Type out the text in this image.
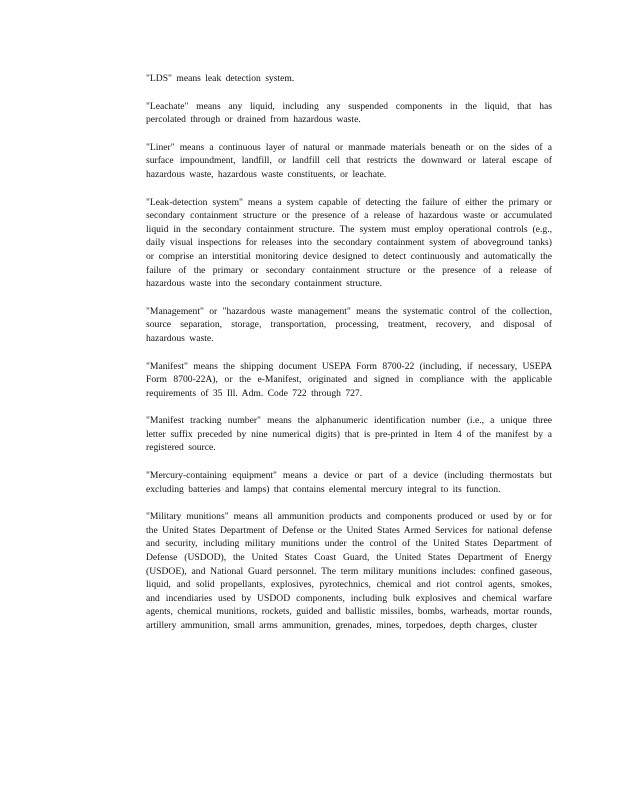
"LDS" means leak detection system.

"Leachate" means any liquid, including any suspended components in the liquid, that has percolated through or drained from hazardous waste.

"Liner" means a continuous layer of natural or manmade materials beneath or on the sides of a surface impoundment, landfill, or landfill cell that restricts the downward or lateral escape of hazardous waste, hazardous waste constituents, or leachate.

"Leak-detection system" means a system capable of detecting the failure of either the primary or secondary containment structure or the presence of a release of hazardous waste or accumulated liquid in the secondary containment structure. The system must employ operational controls (e.g., daily visual inspections for releases into the secondary containment system of aboveground tanks) or comprise an interstitial monitoring device designed to detect continuously and automatically the failure of the primary or secondary containment structure or the presence of a release of hazardous waste into the secondary containment structure.

"Management" or "hazardous waste management" means the systematic control of the collection, source separation, storage, transportation, processing, treatment, recovery, and disposal of hazardous waste.

"Manifest" means the shipping document USEPA Form 8700-22 (including, if necessary, USEPA Form 8700-22A), or the e-Manifest, originated and signed in compliance with the applicable requirements of 35 Ill. Adm. Code 722 through 727.

"Manifest tracking number" means the alphanumeric identification number (i.e., a unique three letter suffix preceded by nine numerical digits) that is pre-printed in Item 4 of the manifest by a registered source.

"Mercury-containing equipment" means a device or part of a device (including thermostats but excluding batteries and lamps) that contains elemental mercury integral to its function.

"Military munitions" means all ammunition products and components produced or used by or for the United States Department of Defense or the United States Armed Services for national defense and security, including military munitions under the control of the United States Department of Defense (USDOD), the United States Coast Guard, the United States Department of Energy (USDOE), and National Guard personnel. The term military munitions includes: confined gaseous, liquid, and solid propellants, explosives, pyrotechnics, chemical and riot control agents, smokes, and incendiaries used by USDOD components, including bulk explosives and chemical warfare agents, chemical munitions, rockets, guided and ballistic missiles, bombs, warheads, mortar rounds, artillery ammunition, small arms ammunition, grenades, mines, torpedoes, depth charges, cluster
